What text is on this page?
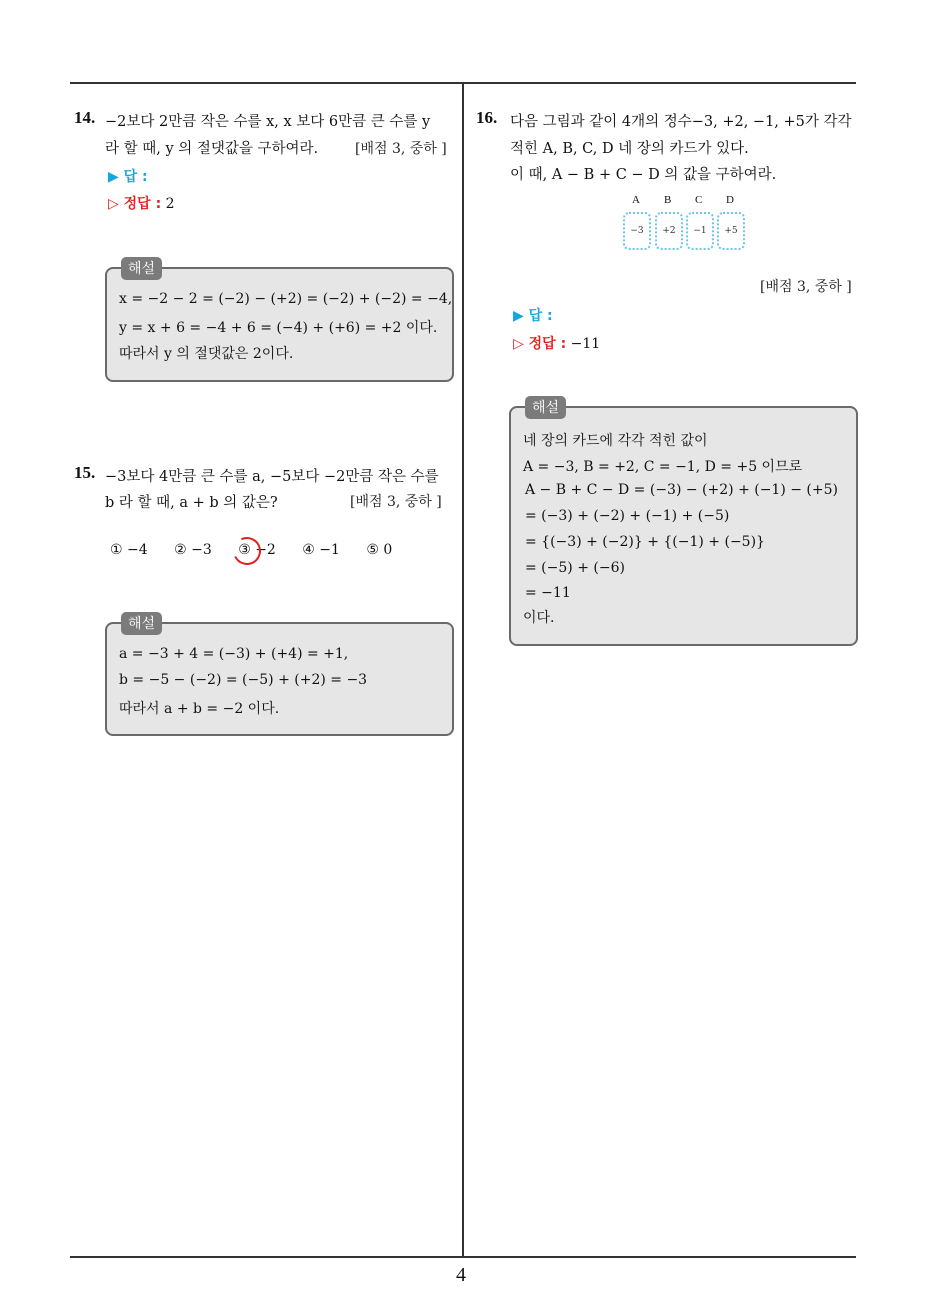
14. −2보다 2만큼 작은 수를 x, x 보다 6만큼 큰 수를 y
라 할 때, y 의 절댓값을 구하여라.	[배점 3, 중하 ]
▶ 답 :
▷ 정답 : 2
해설
x = −2 − 2 = (−2) − (+2) = (−2) + (−2) = −4,
y = x + 6 = −4 + 6 = (−4) + (+6) = +2 이다.
따라서 y 의 절댓값은 2이다.
15. −3보다 4만큼 큰 수를 a, −5보다 −2만큼 작은 수를
b 라 할 때, a + b 의 값은?	[배점 3, 중하 ]
① −4 ② −3 ③ −2 ④ −1 ⑤ 0
해설
a = −3 + 4 = (−3) + (+4) = +1,
b = −5 − (−2) = (−5) + (+2) = −3
따라서 a + b = −2 이다.
16. 다음 그림과 같이 4개의 정수−3, +2, −1, +5가 각각
적힌 A, B, C, D 네 장의 카드가 있다.
이 때, A − B + C − D 의 값을 구하여라.
A B C D
−3	+2	−1	+5
[배점 3, 중하 ]
▶ 답 :
▷ 정답 : −11
해설
네 장의 카드에 각각 적힌 값이
A = −3, B = +2, C = −1, D = +5 이므로
A − B + C − D = (−3) − (+2) + (−1) − (+5)
= (−3) + (−2) + (−1) + (−5)
= {(−3) + (−2)} + {(−1) + (−5)}
= (−5) + (−6)
= −11
이다.
4
